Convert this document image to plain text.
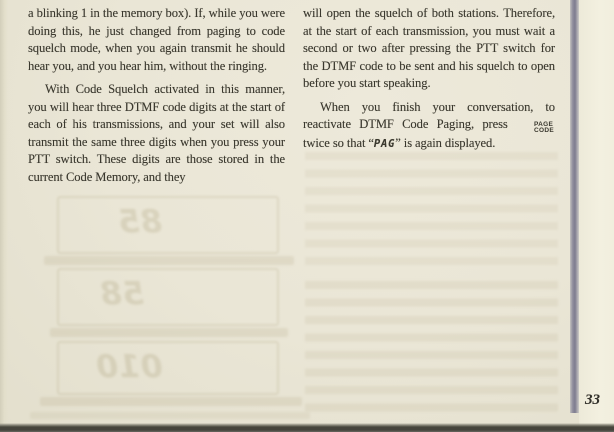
85
58
010

a blinking 1 in the memory box). If, while you were doing this, he just changed from paging to code squelch mode, when you again transmit he should hear you, and you hear him, without the ringing.

With Code Squelch activated in this manner, you will hear three DTMF code digits at the start of each of his transmissions, and your set will also transmit the same three digits when you press your PTT switch. These digits are those stored in the current Code Memory, and they

will open the squelch of both stations. Therefore, at the start of each transmission, you must wait a second or two after pressing the PTT switch for the DTMF code to be sent and his squelch to open before you start speaking.

When you finish your conversation, to reactivate DTMF Code Paging, press	PAGE
CODE
twice so that “PAG” is again displayed.

33
